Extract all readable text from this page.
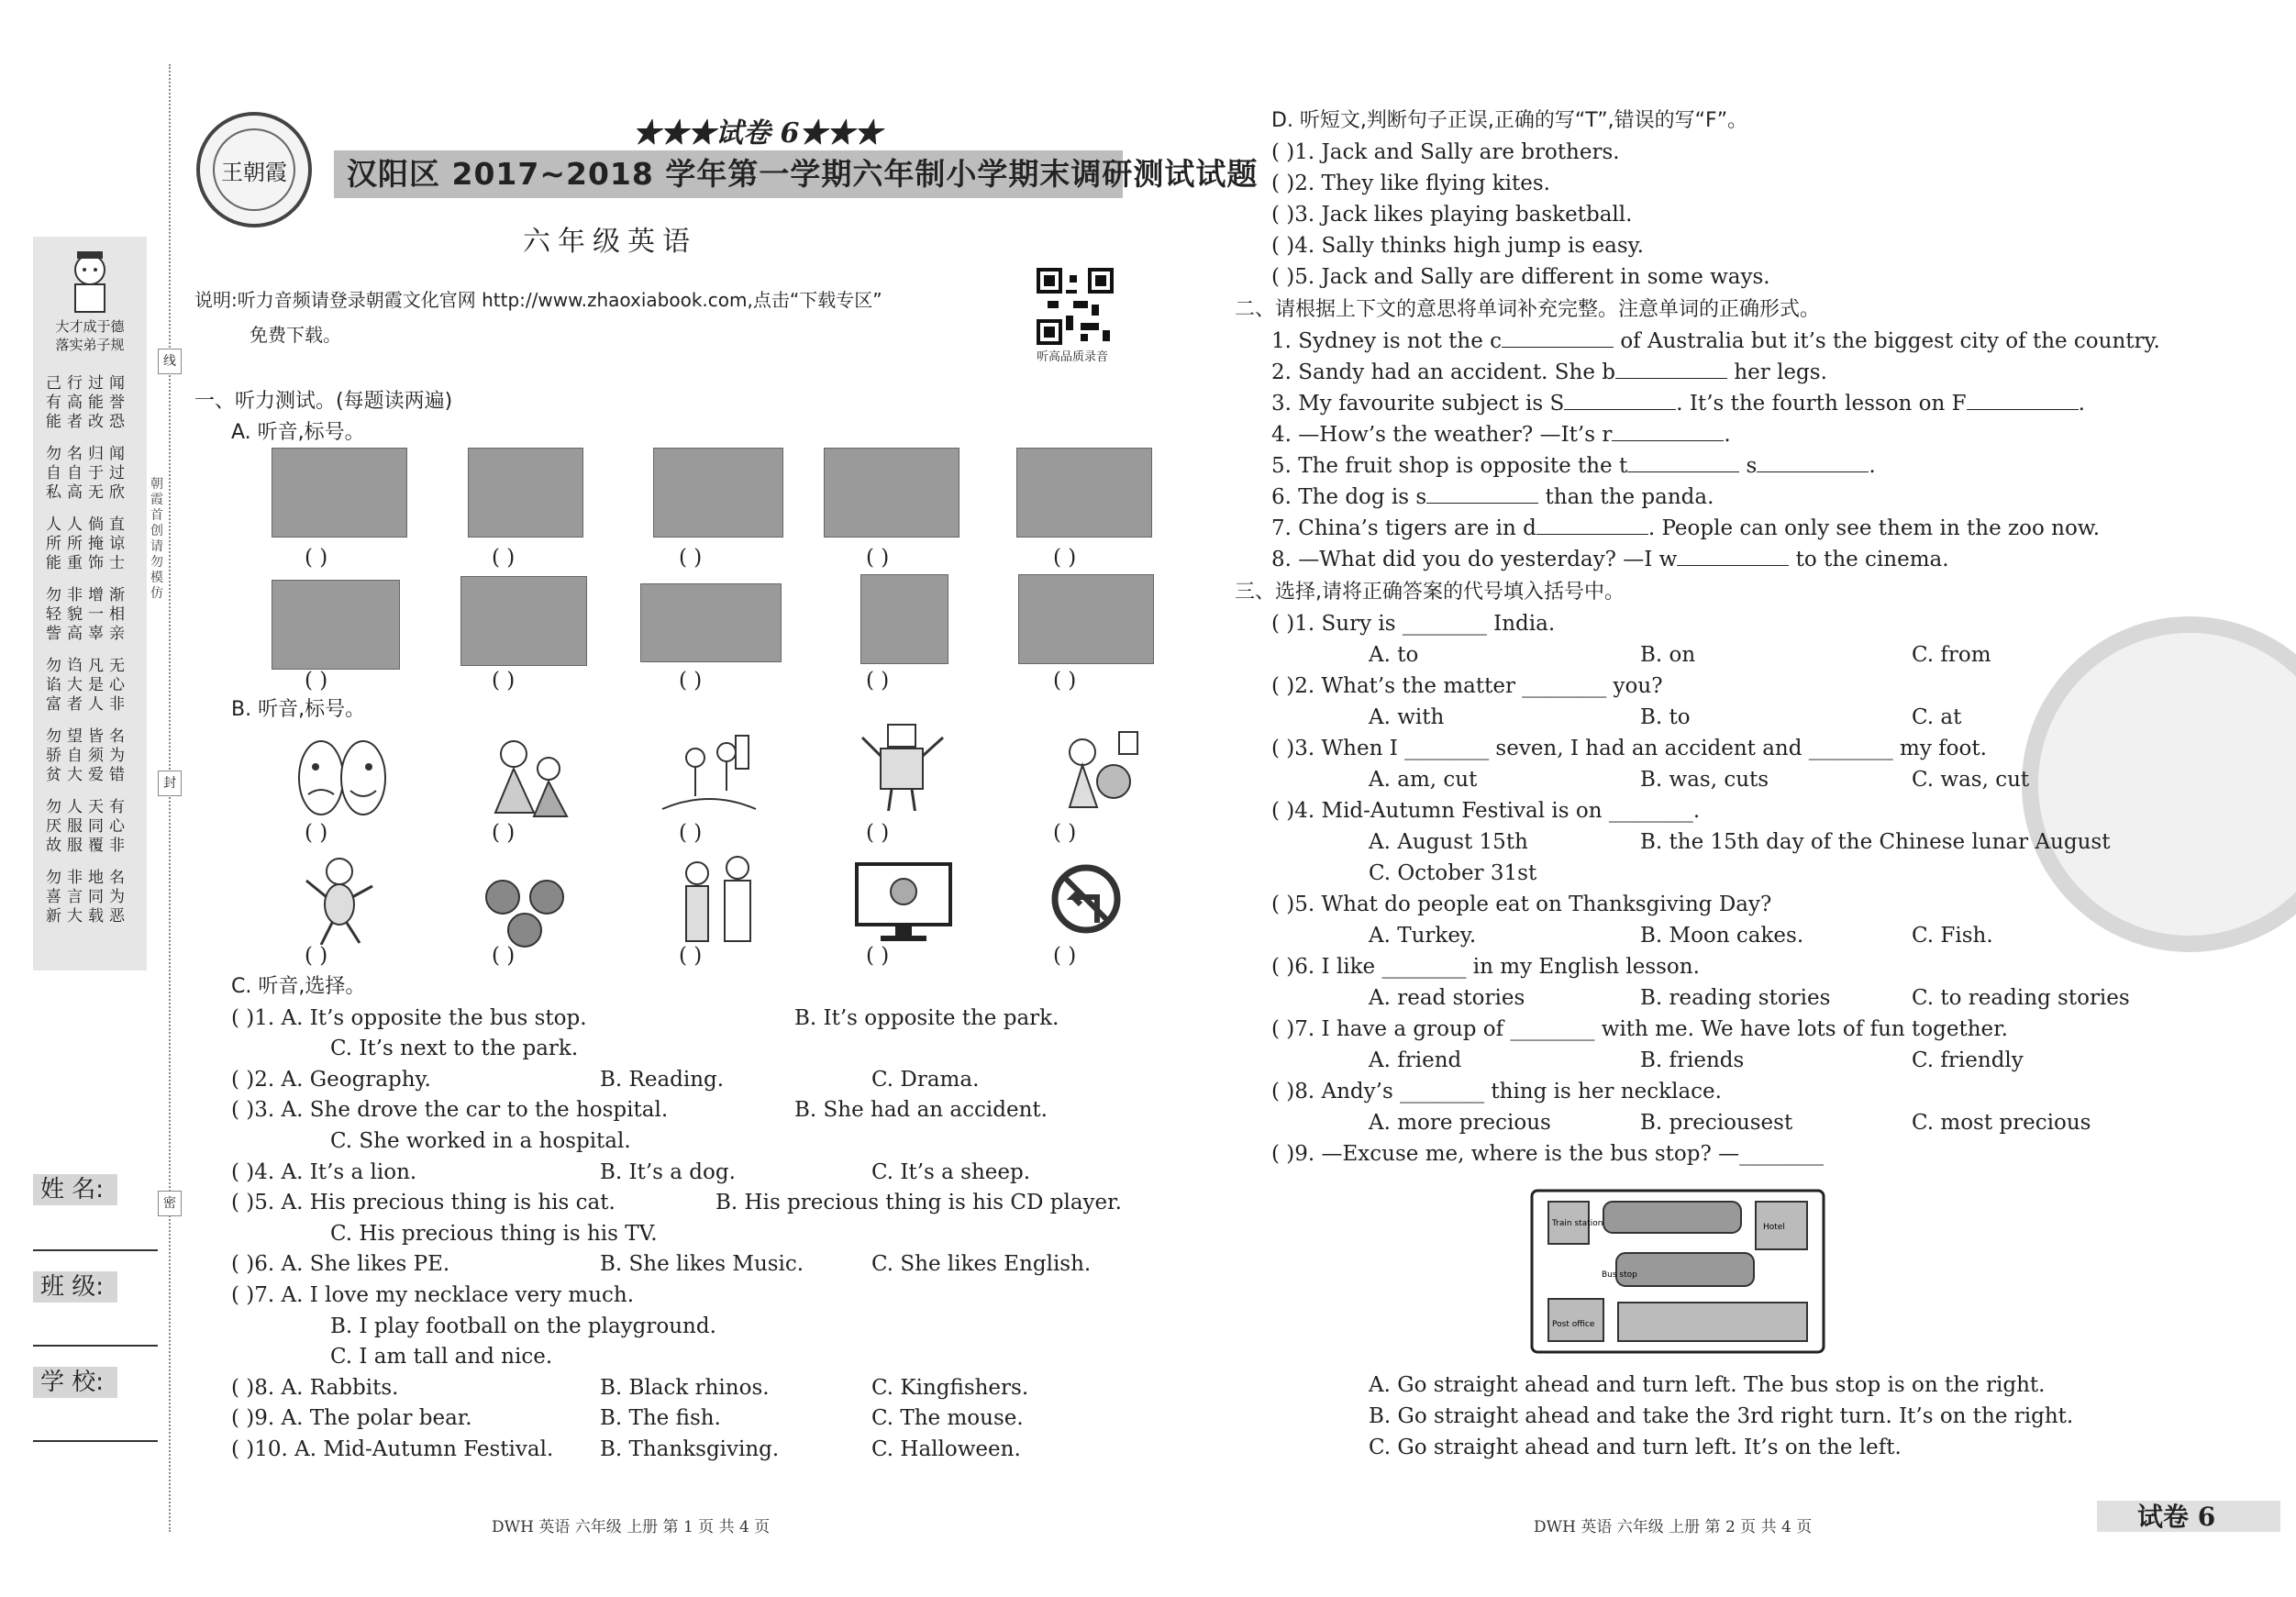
大才成于德
落实弟子规
己行过闻
有高能誉
能者改恐
勿名归闻
自自于过
私高无欣
人人倘直
所所掩谅
能重饰士
勿非增渐
轻貌一相
訾高辜亲
勿诌凡无
谄大是心
富者人非
勿望皆名
骄自须为
贫大爱错
勿人天有
厌服同心
故服覆非
勿非地名
喜言同为
新大载恶
朝霞首创 请勿模仿
线
封
密
姓 名:
班 级:
学 校:
王朝霞
★★★试卷 6★★★
汉阳区 2017~2018 学年第一学期六年制小学期末调研测试试题
六年级英语
说明:听力音频请登录朝霞文化官网 http://www.zhaoxiabook.com,点击“下载专区”
免费下载。
听高品质录音
一、听力测试。(每题读两遍)
A. 听音,标号。
( )	( )	( )	( )	( )
( )	( )	( )	( )	( )
B. 听音,标号。
( )	( )	( )	( )	( )
( )	( )	( )	( )	( )
C. 听音,选择。
( )1. A. It’s opposite the bus stop.	B. It’s opposite the park.
C. It’s next to the park.
( )2. A. Geography.	B. Reading.	C. Drama.
( )3. A. She drove the car to the hospital.	B. She had an accident.
C. She worked in a hospital.
( )4. A. It’s a lion.	B. It’s a dog.	C. It’s a sheep.
( )5. A. His precious thing is his cat.	B. His precious thing is his CD player.
C. His precious thing is his TV.
( )6. A. She likes PE.	B. She likes Music.	C. She likes English.
( )7. A. I love my necklace very much.
B. I play football on the playground.
C. I am tall and nice.
( )8. A. Rabbits.	B. Black rhinos.	C. Kingfishers.
( )9. A. The polar bear.	B. The fish.	C. The mouse.
( )10. A. Mid-Autumn Festival. B. Thanksgiving.	C. Halloween.
DWH 英语 六年级 上册 第 1 页 共 4 页
D. 听短文,判断句子正误,正确的写“T”,错误的写“F”。
( )1. Jack and Sally are brothers.
( )2. They like flying kites.
( )3. Jack likes playing basketball.
( )4. Sally thinks high jump is easy.
( )5. Jack and Sally are different in some ways.
二、请根据上下文的意思将单词补充完整。注意单词的正确形式。
1. Sydney is not the c	of Australia but it’s the biggest city of the country.
2. Sandy had an accident. She b	her legs.
3. My favourite subject is S	. It’s the fourth lesson on F	.
4. —How’s the weather? —It’s r	.
5. The fruit shop is opposite the t	s	.
6. The dog is s	than the panda.
7. China’s tigers are in d	. People can only see them in the zoo now.
8. —What did you do yesterday? —I w	to the cinema.
三、选择,请将正确答案的代号填入括号中。
( )1. Sury is ________ India.
A. to	B. on	C. from
( )2. What’s the matter ________ you?
A. with	B. to	C. at
( )3. When I ________ seven, I had an accident and ________ my foot.
A. am, cut	B. was, cuts	C. was, cut
( )4. Mid-Autumn Festival is on ________.
A. August 15th	B. the 15th day of the Chinese lunar August
C. October 31st
( )5. What do people eat on Thanksgiving Day?
A. Turkey.	B. Moon cakes.	C. Fish.
( )6. I like ________ in my English lesson.
A. read stories	B. reading stories	C. to reading stories
( )7. I have a group of ________ with me. We have lots of fun together.
A. friend	B. friends	C. friendly
( )8. Andy’s ________ thing is her necklace.
A. more precious	B. preciousest	C. most precious
( )9. —Excuse me, where is the bus stop? —________
Train station	Hotel
Bus stop
Post office
A. Go straight ahead and turn left. The bus stop is on the right.
B. Go straight ahead and take the 3rd right turn. It’s on the right.
C. Go straight ahead and turn left. It’s on the left.
DWH 英语 六年级 上册 第 2 页 共 4 页	试卷 6
